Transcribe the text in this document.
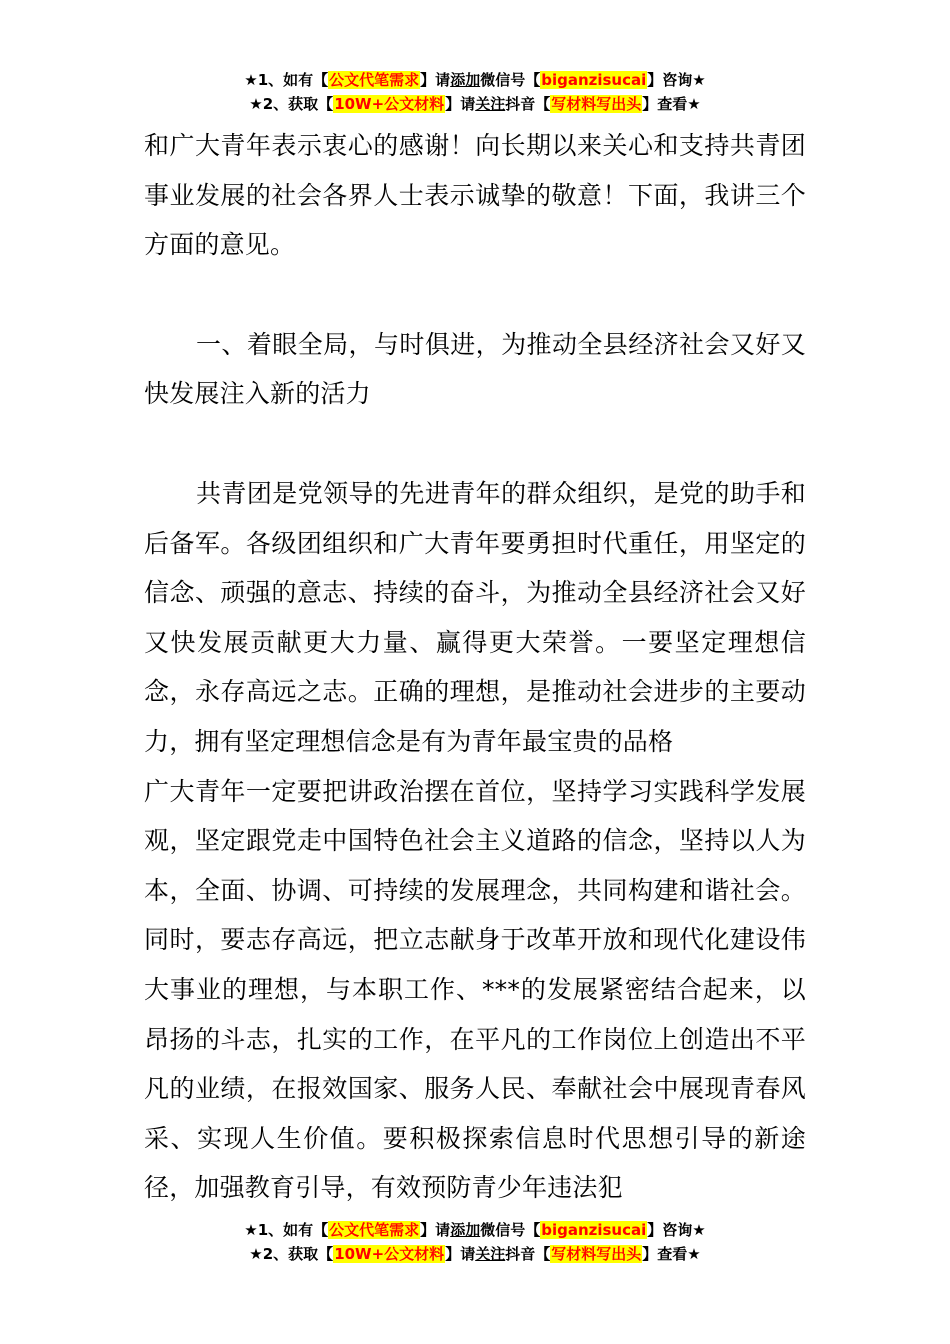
★1、如有【公文代笔需求】请添加微信号【biganzisucai】咨询★
★2、获取【10W+公文材料】请关注抖音【写材料写出头】查看★

和广大青年表示衷心的感谢！向长期以来关心和支持共青团事业发展的社会各界人士表示诚挚的敬意！下面，我讲三个方面的意见。

一、着眼全局，与时俱进，为推动全县经济社会又好又快发展注入新的活力

共青团是党领导的先进青年的群众组织，是党的助手和后备军。各级团组织和广大青年要勇担时代重任，用坚定的信念、顽强的意志、持续的奋斗，为推动全县经济社会又好又快发展贡献更大力量、赢得更大荣誉。一要坚定理想信念，永存高远之志。正确的理想，是推动社会进步的主要动力，拥有坚定理想信念是有为青年最宝贵的品格

广大青年一定要把讲政治摆在首位，坚持学习实践科学发展观，坚定跟党走中国特色社会主义道路的信念，坚持以人为本，全面、协调、可持续的发展理念，共同构建和谐社会。同时，要志存高远，把立志献身于改革开放和现代化建设伟大事业的理想，与本职工作、***的发展紧密结合起来，以昂扬的斗志，扎实的工作，在平凡的工作岗位上创造出不平凡的业绩，在报效国家、服务人民、奉献社会中展现青春风采、实现人生价值。要积极探索信息时代思想引导的新途径，加强教育引导，有效预防青少年违法犯

★1、如有【公文代笔需求】请添加微信号【biganzisucai】咨询★
★2、获取【10W+公文材料】请关注抖音【写材料写出头】查看★
